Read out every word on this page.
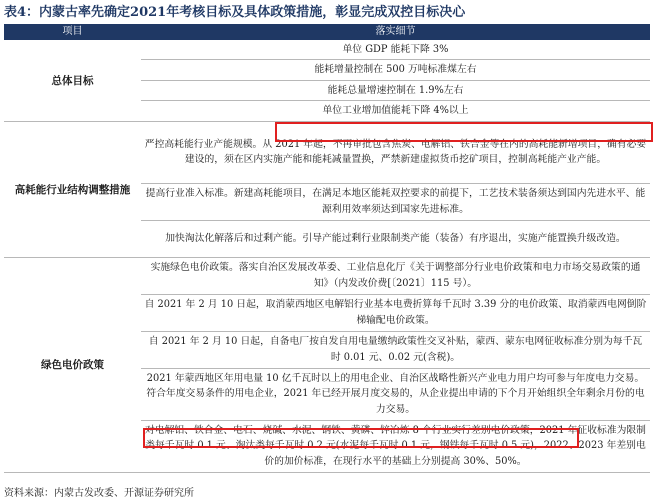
表4：内蒙古率先确定2021年考核目标及具体政策措施，彰显完成双控目标决心
项目	落实细节
总体目标	单位 GDP 能耗下降 3%
	能耗增量控制在 500 万吨标准煤左右
	能耗总量增速控制在 1.9%左右
	单位工业增加值能耗下降 4%以上
高耗能行业结构调整措施	严控高耗能行业产能规模。从 2021 年起，不再审批包含焦炭、电解铝、铁合金等在内的高耗能新增项目，确有必要建设的，须在区内实施产能和能耗减量置换，严禁新建虚拟货币挖矿项目，控制高耗能产业产能。
	提高行业准入标准。新建高耗能项目，在满足本地区能耗双控要求的前提下，工艺技术装备须达到国内先进水平、能源利用效率须达到国家先进标准。
	加快淘汰化解落后和过剩产能。引导产能过剩行业限制类产能（装备）有序退出，实施产能置换升级改造。
绿色电价政策	实施绿色电价政策。落实自治区发展改革委、工业信息化厅《关于调整部分行业电价政策和电力市场交易政策的通知》（内发改价费[〔2021〕115 号）。
	自 2021 年 2 月 10 日起，取消蒙西地区电解铝行业基本电费折算每千瓦时 3.39 分的电价政策、取消蒙西电网倒阶梯输配电价政策。
	自 2021 年 2 月 10 日起，自备电厂按自发自用电量缴纳政策性交叉补贴，蒙西、蒙东电网征收标准分别为每千瓦时 0.01 元、0.02 元(含税)。
	2021 年蒙西地区年用电量 10 亿千瓦时以上的用电企业、自治区战略性新兴产业电力用户均可参与年度电力交易。符合年度交易条件的用电企业，2021 年已经开展月度交易的，从企业提出申请的下个月开始组织全年剩余月份的电力交易。
	对电解铝、铁合金、电石、烧碱、水泥、钢铁、黄磷、锌冶炼 8 个行业实行差别电价政策，2021 年征收标准为限制类每千瓦时 0.1 元、淘汰类每千瓦时 0.2 元(水泥每千瓦时 0.1 元，钢铁每千瓦时 0.5 元)，2022、2023 年差别电价的加价标准，在现行水平的基础上分别提高 30%、50%。
资料来源：内蒙古发改委、开源证券研究所
